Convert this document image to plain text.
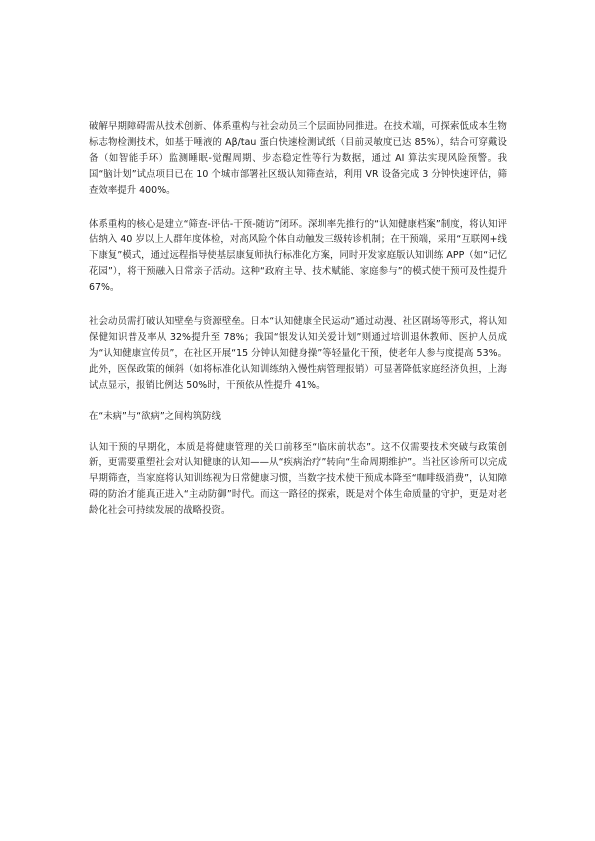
破解早期障碍需从技术创新、体系重构与社会动员三个层面协同推进。在技术端，可探索低成本生物标志物检测技术，如基于唾液的 Aβ/tau 蛋白快速检测试纸（目前灵敏度已达 85%），结合可穿戴设备（如智能手环）监测睡眠-觉醒周期、步态稳定性等行为数据，通过 AI 算法实现风险预警。我国“脑计划”试点项目已在 10 个城市部署社区级认知筛查站，利用 VR 设备完成 3 分钟快速评估，筛查效率提升 400%。

体系重构的核心是建立“筛查-评估-干预-随访”闭环。深圳率先推行的“认知健康档案”制度，将认知评估纳入 40 岁以上人群年度体检，对高风险个体自动触发三级转诊机制；在干预端，采用“互联网+线下康复”模式，通过远程指导使基层康复师执行标准化方案，同时开发家庭版认知训练 APP（如“记忆花园”），将干预融入日常亲子活动。这种“政府主导、技术赋能、家庭参与”的模式使干预可及性提升 67%。

社会动员需打破认知壁垒与资源壁垒。日本“认知健康全民运动”通过动漫、社区剧场等形式，将认知保健知识普及率从 32%提升至 78%；我国“银发认知关爱计划”则通过培训退休教师、医护人员成为“认知健康宣传员”，在社区开展“15 分钟认知健身操”等轻量化干预，使老年人参与度提高 53%。此外，医保政策的倾斜（如将标准化认知训练纳入慢性病管理报销）可显著降低家庭经济负担，上海试点显示，报销比例达 50%时，干预依从性提升 41%。

在“未病”与“欲病”之间构筑防线

认知干预的早期化，本质是将健康管理的关口前移至“临床前状态”。这不仅需要技术突破与政策创新，更需要重塑社会对认知健康的认知——从“疾病治疗”转向“生命周期维护”。当社区诊所可以完成早期筛查，当家庭将认知训练视为日常健康习惯，当数字技术使干预成本降至“咖啡级消费”，认知障碍的防治才能真正进入“主动防御”时代。而这一路径的探索，既是对个体生命质量的守护，更是对老龄化社会可持续发展的战略投资。
